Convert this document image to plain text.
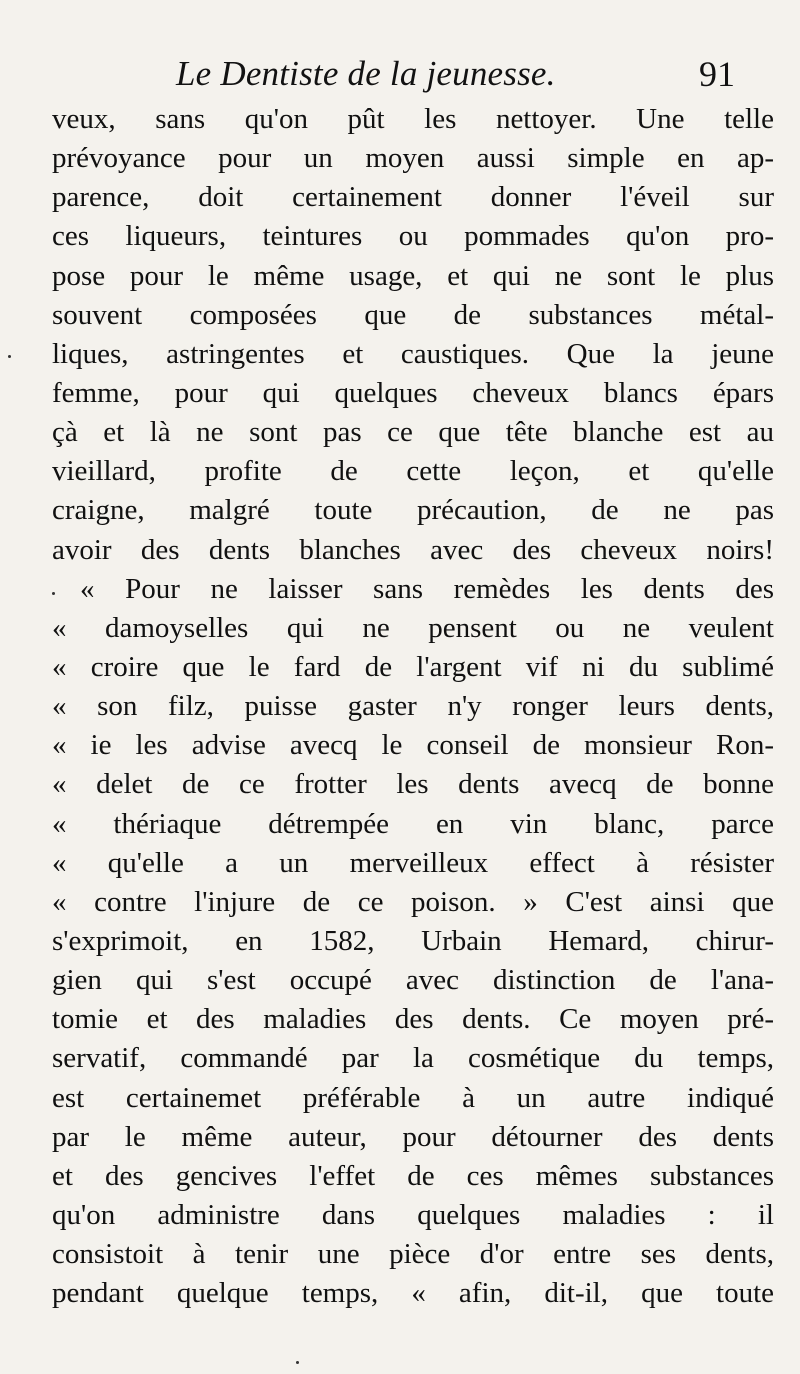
Le Dentiste de la jeunesse.	91
veux, sans qu'on pût les nettoyer. Une telle
prévoyance pour un moyen aussi simple en ap-
parence, doit certainement donner l'éveil sur
ces liqueurs, teintures ou pommades qu'on pro-
pose pour le même usage, et qui ne sont le plus
souvent composées que de substances métal-
liques, astringentes et caustiques. Que la jeune
femme, pour qui quelques cheveux blancs épars
çà et là ne sont pas ce que tête blanche est au
vieillard, profite de cette leçon, et qu'elle
craigne, malgré toute précaution, de ne pas
avoir des dents blanches avec des cheveux noirs!
« Pour ne laisser sans remèdes les dents des
« damoyselles qui ne pensent ou ne veulent
« croire que le fard de l'argent vif ni du sublimé
« son filz, puisse gaster n'y ronger leurs dents,
« ie les advise avecq le conseil de monsieur Ron-
« delet de ce frotter les dents avecq de bonne
« thériaque détrempée en vin blanc, parce
« qu'elle a un merveilleux effect à résister
« contre l'injure de ce poison. » C'est ainsi que
s'exprimoit, en 1582, Urbain Hemard, chirur-
gien qui s'est occupé avec distinction de l'ana-
tomie et des maladies des dents. Ce moyen pré-
servatif, commandé par la cosmétique du temps,
est certainemet préférable à un autre indiqué
par le même auteur, pour détourner des dents
et des gencives l'effet de ces mêmes substances
qu'on administre dans quelques maladies : il
consistoit à tenir une pièce d'or entre ses dents,
pendant quelque temps, « afin, dit-il, que toute
